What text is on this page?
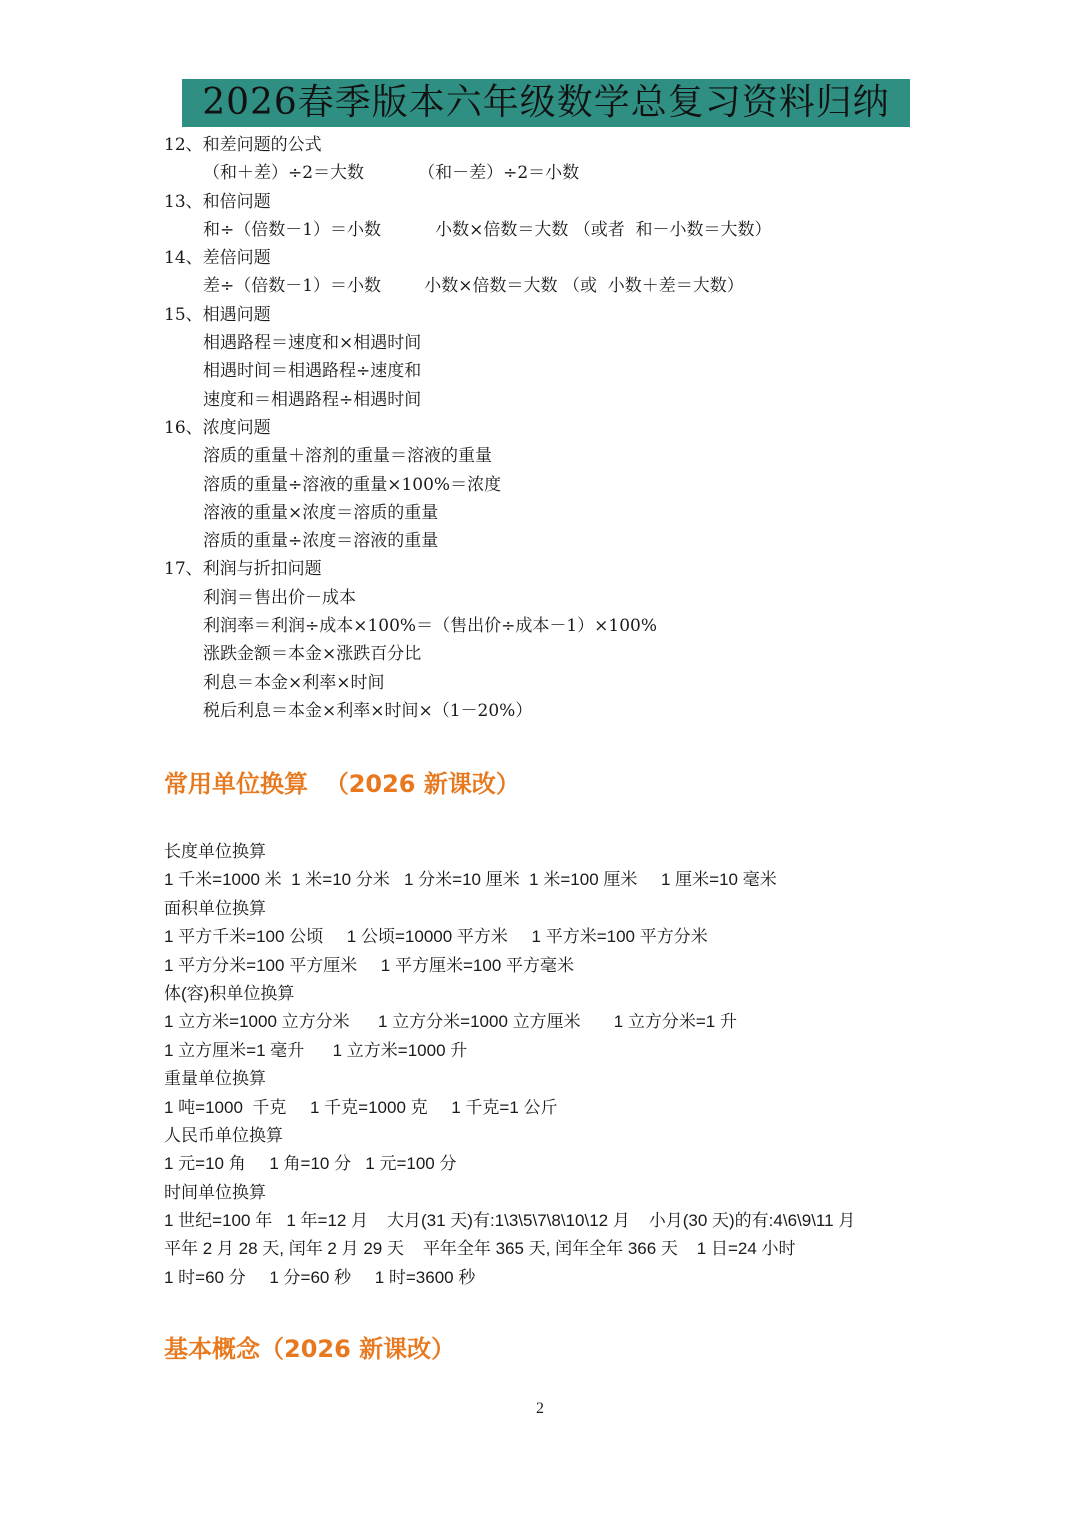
2026春季版本六年级数学总复习资料归纳
12、和差问题的公式
（和＋差）÷2＝大数          （和－差）÷2＝小数
13、和倍问题
和÷（倍数－1）＝小数          小数×倍数＝大数 （或者  和－小数＝大数）
14、差倍问题
差÷（倍数－1）＝小数        小数×倍数＝大数 （或  小数＋差＝大数）
15、相遇问题
相遇路程＝速度和×相遇时间
相遇时间＝相遇路程÷速度和
速度和＝相遇路程÷相遇时间
16、浓度问题
溶质的重量＋溶剂的重量＝溶液的重量
溶质的重量÷溶液的重量×100%＝浓度
溶液的重量×浓度＝溶质的重量
溶质的重量÷浓度＝溶液的重量
17、利润与折扣问题
利润＝售出价－成本
利润率＝利润÷成本×100%＝（售出价÷成本－1）×100%
涨跌金额＝本金×涨跌百分比
利息＝本金×利率×时间
税后利息＝本金×利率×时间×（1－20%）
常用单位换算  （2026 新课改）
长度单位换算
1 千米=1000 米  1 米=10 分米   1 分米=10 厘米  1 米=100 厘米     1 厘米=10 毫米
面积单位换算
1 平方千米=100 公顷     1 公顷=10000 平方米     1 平方米=100 平方分米
1 平方分米=100 平方厘米     1 平方厘米=100 平方毫米
体(容)积单位换算
1 立方米=1000 立方分米      1 立方分米=1000 立方厘米       1 立方分米=1 升
1 立方厘米=1 毫升      1 立方米=1000 升
重量单位换算
1 吨=1000  千克     1 千克=1000 克     1 千克=1 公斤
人民币单位换算
1 元=10 角     1 角=10 分   1 元=100 分
时间单位换算
1 世纪=100 年   1 年=12 月    大月(31 天)有:1\3\5\7\8\10\12 月    小月(30 天)的有:4\6\9\11 月
平年 2 月 28 天, 闰年 2 月 29 天    平年全年 365 天, 闰年全年 366 天    1 日=24 小时
1 时=60 分     1 分=60 秒     1 时=3600 秒
基本概念（2026 新课改）
2
